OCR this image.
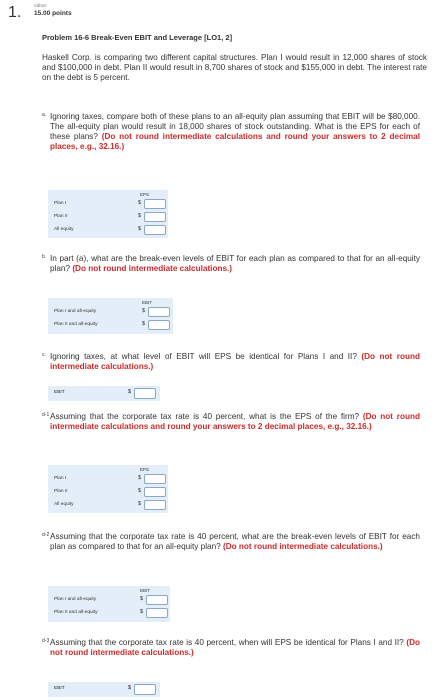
1.	value:
15.00 points
Problem 16-6 Break-Even EBIT and Leverage [LO1, 2]
Haskell Corp. is comparing two different capital structures. Plan I would result in 12,000 shares of stock and $100,000 in debt. Plan II would result in 8,700 shares of stock and $155,000 in debt. The interest rate on the debt is 5 percent.
a. Ignoring taxes, compare both of these plans to an all-equity plan assuming that EBIT will be $80,000. The all-equity plan would result in 18,000 shares of stock outstanding. What is the EPS for each of these plans? (Do not round intermediate calculations and round your answers to 2 decimal places, e.g., 32.16.)
EPS
Plan I	$
Plan II	$
All equity	$
b. In part (a), what are the break-even levels of EBIT for each plan as compared to that for an all-equity plan? (Do not round intermediate calculations.)
EBIT
Plan I and all-equity	$
Plan II and all-equity	$
c. Ignoring taxes, at what level of EBIT will EPS be identical for Plans I and II? (Do not round intermediate calculations.)
EBIT	$
d-1 Assuming that the corporate tax rate is 40 percent, what is the EPS of the firm? (Do not round intermediate calculations and round your answers to 2 decimal places, e.g., 32.16.)
EPS
Plan I	$
Plan II	$
All equity	$
d-2 Assuming that the corporate tax rate is 40 percent, what are the break-even levels of EBIT for each plan as compared to that for an all-equity plan? (Do not round intermediate calculations.)
EBIT
Plan I and all-equity	$
Plan II and all-equity	$
d-3 Assuming that the corporate tax rate is 40 percent, when will EPS be identical for Plans I and II? (Do not round intermediate calculations.)
EBIT	$
